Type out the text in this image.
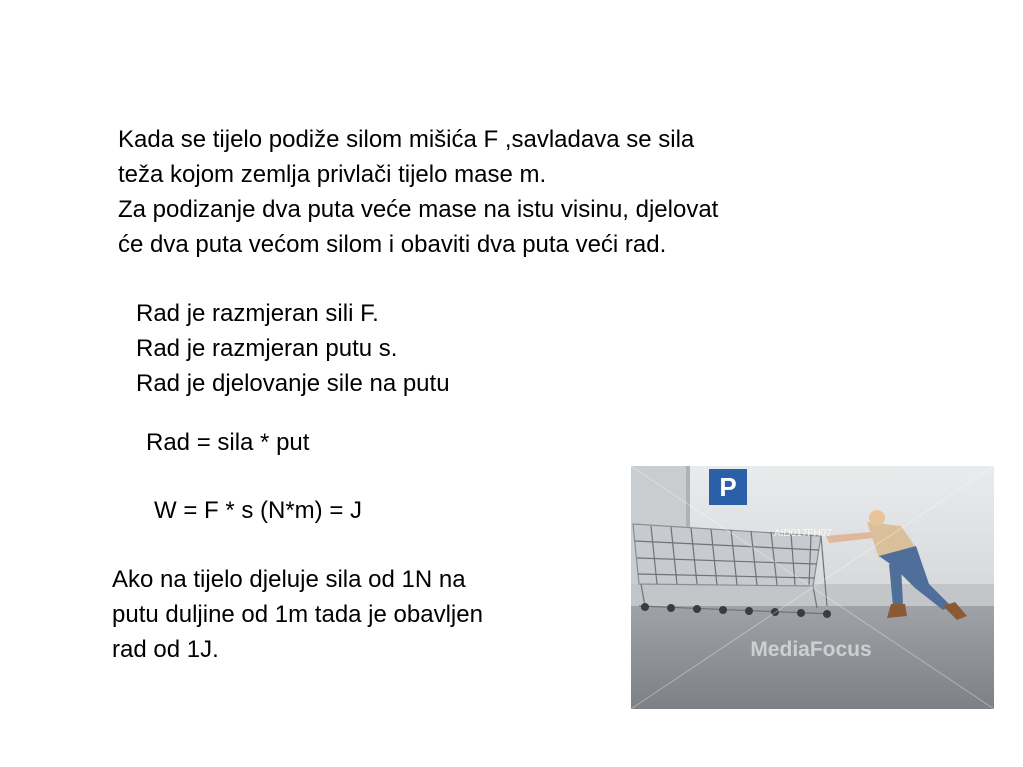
Kada se tijelo podiže silom mišića F ,savladava se sila
teža kojom zemlja privlači tijelo mase m.
Za podizanje dva puta veće mase na istu visinu, djelovat
će dva puta većom silom i obaviti dva puta veći rad.
Rad je razmjeran sili F.
Rad je razmjeran putu s.
Rad je djelovanje sile na putu
Rad = sila * put
W = F * s (N*m) = J
Ako na tijelo djeluje sila od 1N na
putu duljine od 1m tada je obavljen
rad od 1J.
P
AID017FH07
MediaFocus
